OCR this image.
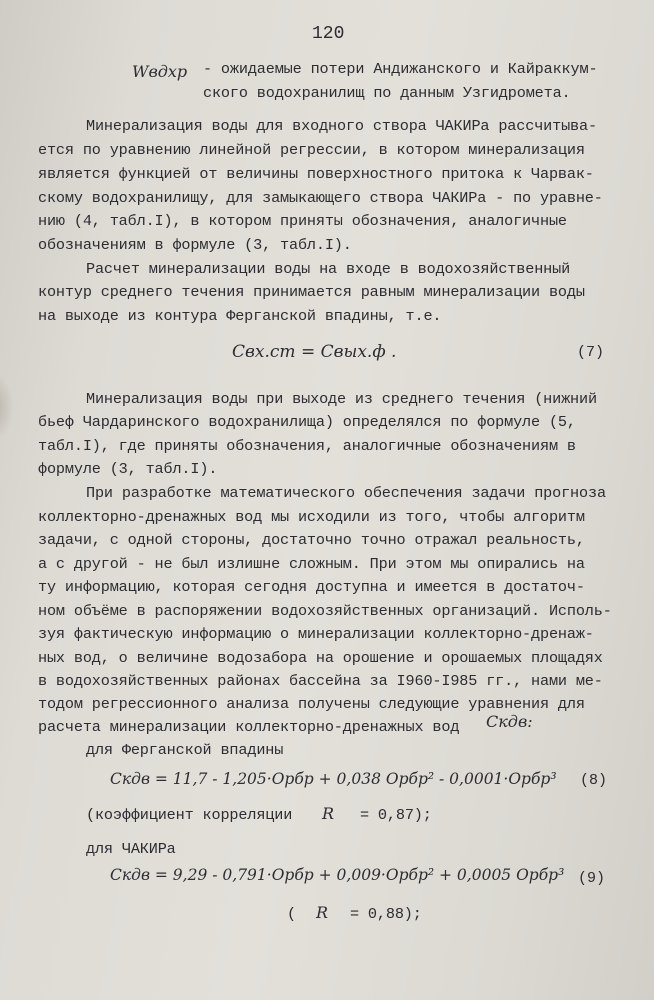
120
Wвдхр - ожидаемые потери Андижанского и Кайраккум-
ского водохранилищ по данным Узгидромета.
Минерализация воды для входного створа ЧАКИРа рассчитыва-
ется по уравнению линейной регрессии, в котором минерализация
является функцией от величины поверхностного притока к Чарвак-
скому водохранилищу, для замыкающего створа ЧАКИРа - по уравне-
нию (4, табл.I), в котором приняты обозначения, аналогичные
обозначениям в формуле (3, табл.I).
Расчет минерализации воды на входе в водохозяйственный
контур среднего течения принимается равным минерализации воды
на выходе из контура Ферганской впадины, т.е.
Свх.ст = Свых.ф .	(7)
Минерализация воды при выходе из среднего течения (нижний
бьеф Чардаринского водохранилища) определялся по формуле (5,
табл.I), где приняты обозначения, аналогичные обозначениям в
формуле (3, табл.I).
При разработке математического обеспечения задачи прогноза
коллекторно-дренажных вод мы исходили из того, чтобы алгоритм
задачи, с одной стороны, достаточно точно отражал реальность,
а с другой - не был излишне сложным. При этом мы опирались на
ту информацию, которая сегодня доступна и имеется в достаточ-
ном объёме в распоряжении водохозяйственных организаций. Исполь-
зуя фактическую информацию о минерализации коллекторно-дренаж-
ных вод, о величине водозабора на орошение и орошаемых площадях
в водохозяйственных районах бассейна за I960-I985 гг., нами ме-
тодом регрессионного анализа получены следующие уравнения для
расчета минерализации коллекторно-дренажных вод Скдв:
для Ферганской впадины
Скдв = 11,7 - 1,205·Орбр + 0,038 Орбр² - 0,0001·Орбр³ (8)
(коэффициент корреляции R = 0,87);
для ЧАКИРа
Скдв = 9,29 - 0,791·Орбр + 0,009·Орбр² + 0,0005 Орбр³ (9)
( R = 0,88);
